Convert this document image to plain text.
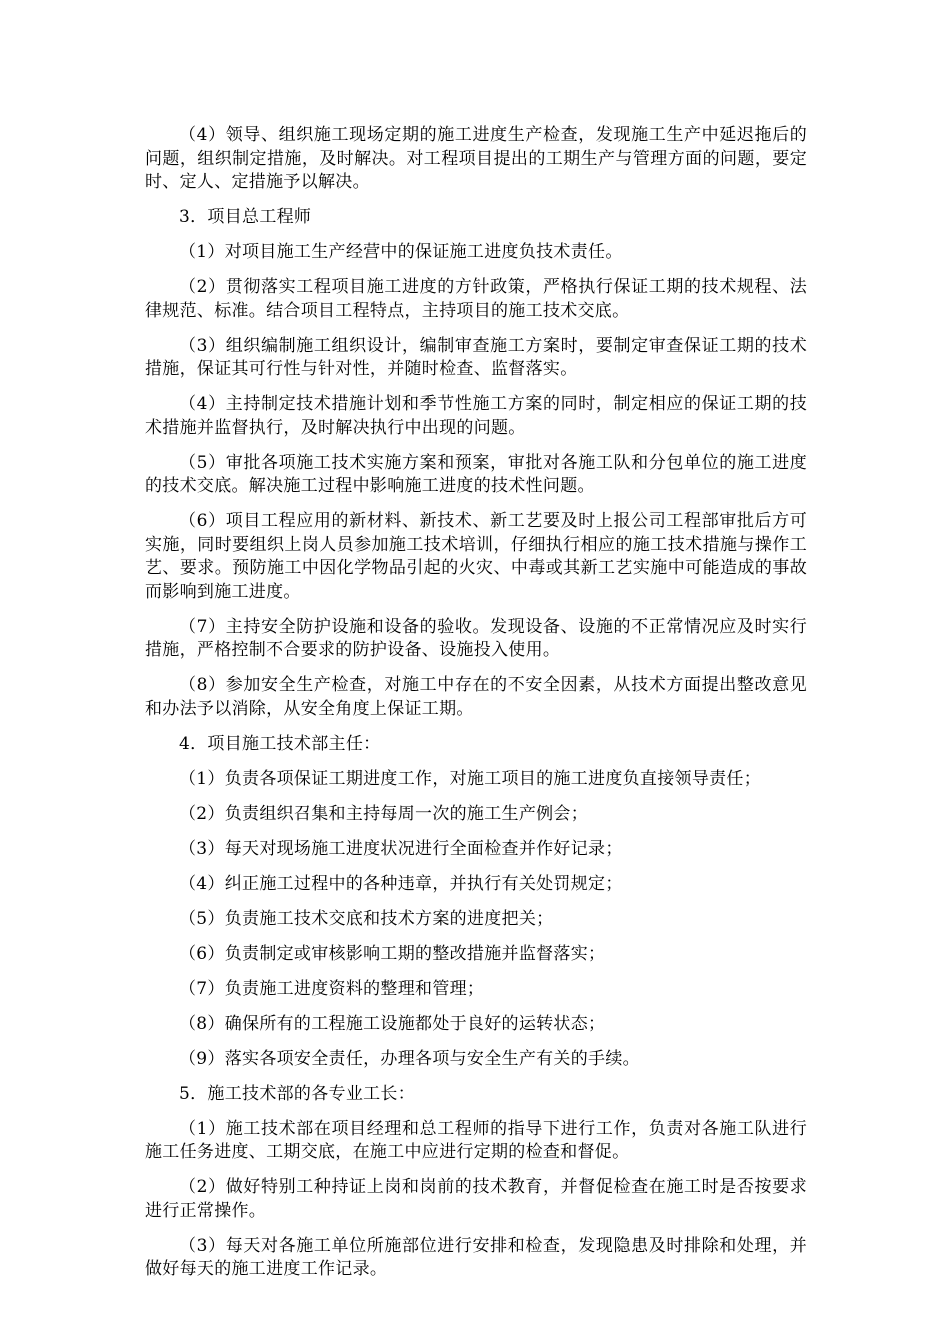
（4）领导、组织施工现场定期的施工进度生产检查，发现施工生产中延迟拖后的问题，组织制定措施，及时解决。对工程项目提出的工期生产与管理方面的问题，要定时、定人、定措施予以解决。

3．项目总工程师

（1）对项目施工生产经营中的保证施工进度负技术责任。

（2）贯彻落实工程项目施工进度的方针政策，严格执行保证工期的技术规程、法律规范、标准。结合项目工程特点，主持项目的施工技术交底。

（3）组织编制施工组织设计，编制审查施工方案时，要制定审查保证工期的技术措施，保证其可行性与针对性，并随时检查、监督落实。

（4）主持制定技术措施计划和季节性施工方案的同时，制定相应的保证工期的技术措施并监督执行，及时解决执行中出现的问题。

（5）审批各项施工技术实施方案和预案，审批对各施工队和分包单位的施工进度的技术交底。解决施工过程中影响施工进度的技术性问题。

（6）项目工程应用的新材料、新技术、新工艺要及时上报公司工程部审批后方可实施，同时要组织上岗人员参加施工技术培训，仔细执行相应的施工技术措施与操作工艺、要求。预防施工中因化学物品引起的火灾、中毒或其新工艺实施中可能造成的事故而影响到施工进度。

（7）主持安全防护设施和设备的验收。发现设备、设施的不正常情况应及时实行措施，严格控制不合要求的防护设备、设施投入使用。

（8）参加安全生产检查，对施工中存在的不安全因素，从技术方面提出整改意见和办法予以消除，从安全角度上保证工期。

4．项目施工技术部主任：

（1）负责各项保证工期进度工作，对施工项目的施工进度负直接领导责任；

（2）负责组织召集和主持每周一次的施工生产例会；

（3）每天对现场施工进度状况进行全面检查并作好记录；

（4）纠正施工过程中的各种违章，并执行有关处罚规定；

（5）负责施工技术交底和技术方案的进度把关；

（6）负责制定或审核影响工期的整改措施并监督落实；

（7）负责施工进度资料的整理和管理；

（8）确保所有的工程施工设施都处于良好的运转状态；

（9）落实各项安全责任，办理各项与安全生产有关的手续。

5．施工技术部的各专业工长：

（1）施工技术部在项目经理和总工程师的指导下进行工作，负责对各施工队进行施工任务进度、工期交底，在施工中应进行定期的检查和督促。

（2）做好特别工种持证上岗和岗前的技术教育，并督促检查在施工时是否按要求进行正常操作。

（3）每天对各施工单位所施部位进行安排和检查，发现隐患及时排除和处理，并做好每天的施工进度工作记录。
